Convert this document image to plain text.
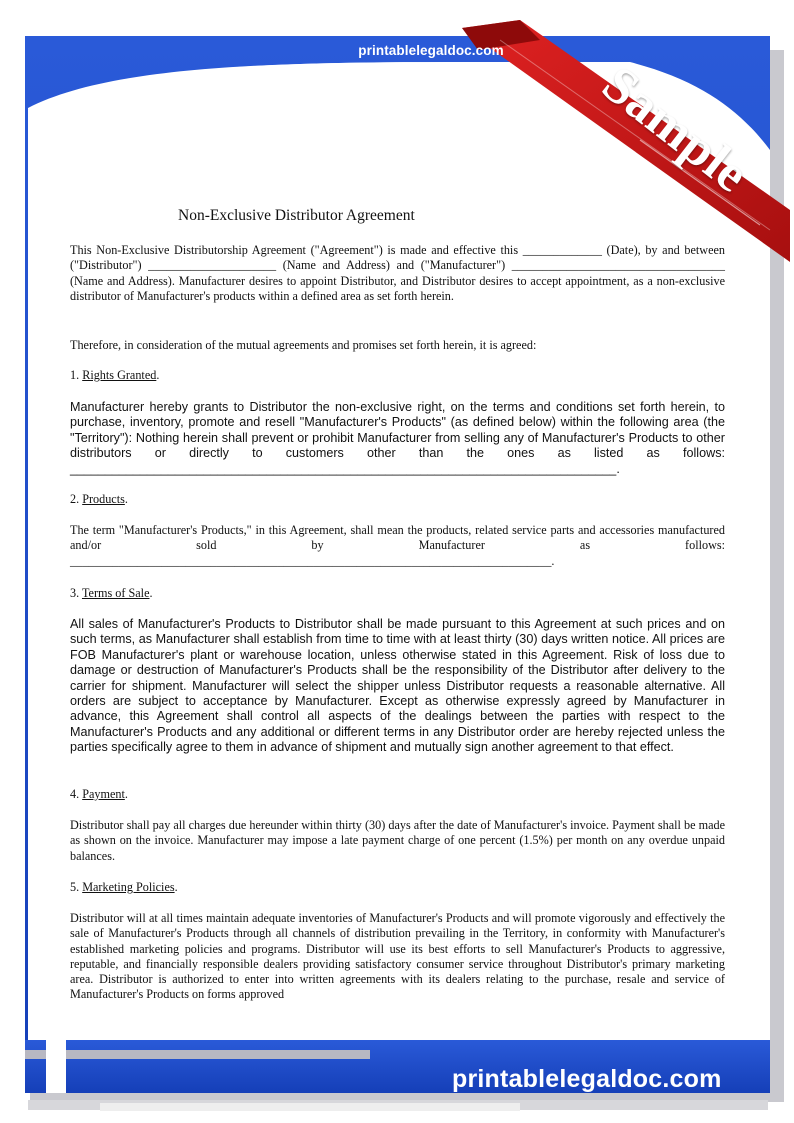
printablelegaldoc.com
Sample
printablelegaldoc.com
Non-Exclusive Distributor Agreement
This Non-Exclusive Distributorship Agreement ("Agreement") is made and effective this _____________ (Date), by and between ("Distributor") _____________________ (Name and Address) and ("Manufacturer") ___________________________________ (Name and Address). Manufacturer desires to appoint Distributor, and Distributor desires to accept appointment, as a non-exclusive distributor of Manufacturer's products within a defined area as set forth herein.
Therefore, in consideration of the mutual agreements and promises set forth herein, it is agreed:
1. Rights Granted.
Manufacturer hereby grants to Distributor the non-exclusive right, on the terms and conditions set forth herein, to purchase, inventory, promote and resell "Manufacturer's Products" (as defined below) within the following area (the "Territory"): Nothing herein shall prevent or prohibit Manufacturer from selling any of Manufacturer's Products to other distributors or directly to customers other than the ones as listed as follows: ______________________________________________________________________________.
2. Products.
The term "Manufacturer's Products," in this Agreement, shall mean the products, related service parts and accessories manufactured and/or sold by Manufacturer as follows: _______________________________________________________________________________.
3. Terms of Sale.
All sales of Manufacturer's Products to Distributor shall be made pursuant to this Agreement at such prices and on such terms, as Manufacturer shall establish from time to time with at least thirty (30) days written notice. All prices are FOB Manufacturer's plant or warehouse location, unless otherwise stated in this Agreement. Risk of loss due to damage or destruction of Manufacturer's Products shall be the responsibility of the Distributor after delivery to the carrier for shipment. Manufacturer will select the shipper unless Distributor requests a reasonable alternative. All orders are subject to acceptance by Manufacturer. Except as otherwise expressly agreed by Manufacturer in advance, this Agreement shall control all aspects of the dealings between the parties with respect to the Manufacturer's Products and any additional or different terms in any Distributor order are hereby rejected unless the parties specifically agree to them in advance of shipment and mutually sign another agreement to that effect.
4. Payment.
Distributor shall pay all charges due hereunder within thirty (30) days after the date of Manufacturer's invoice. Payment shall be made as shown on the invoice. Manufacturer may impose a late payment charge of one percent (1.5%) per month on any overdue unpaid balances.
5. Marketing Policies.
Distributor will at all times maintain adequate inventories of Manufacturer's Products and will promote vigorously and effectively the sale of Manufacturer's Products through all channels of distribution prevailing in the Territory, in conformity with Manufacturer's established marketing policies and programs. Distributor will use its best efforts to sell Manufacturer's Products to aggressive, reputable, and financially responsible dealers providing satisfactory consumer service throughout Distributor's primary marketing area. Distributor is authorized to enter into written agreements with its dealers relating to the purchase, resale and service of Manufacturer's Products on forms approved
